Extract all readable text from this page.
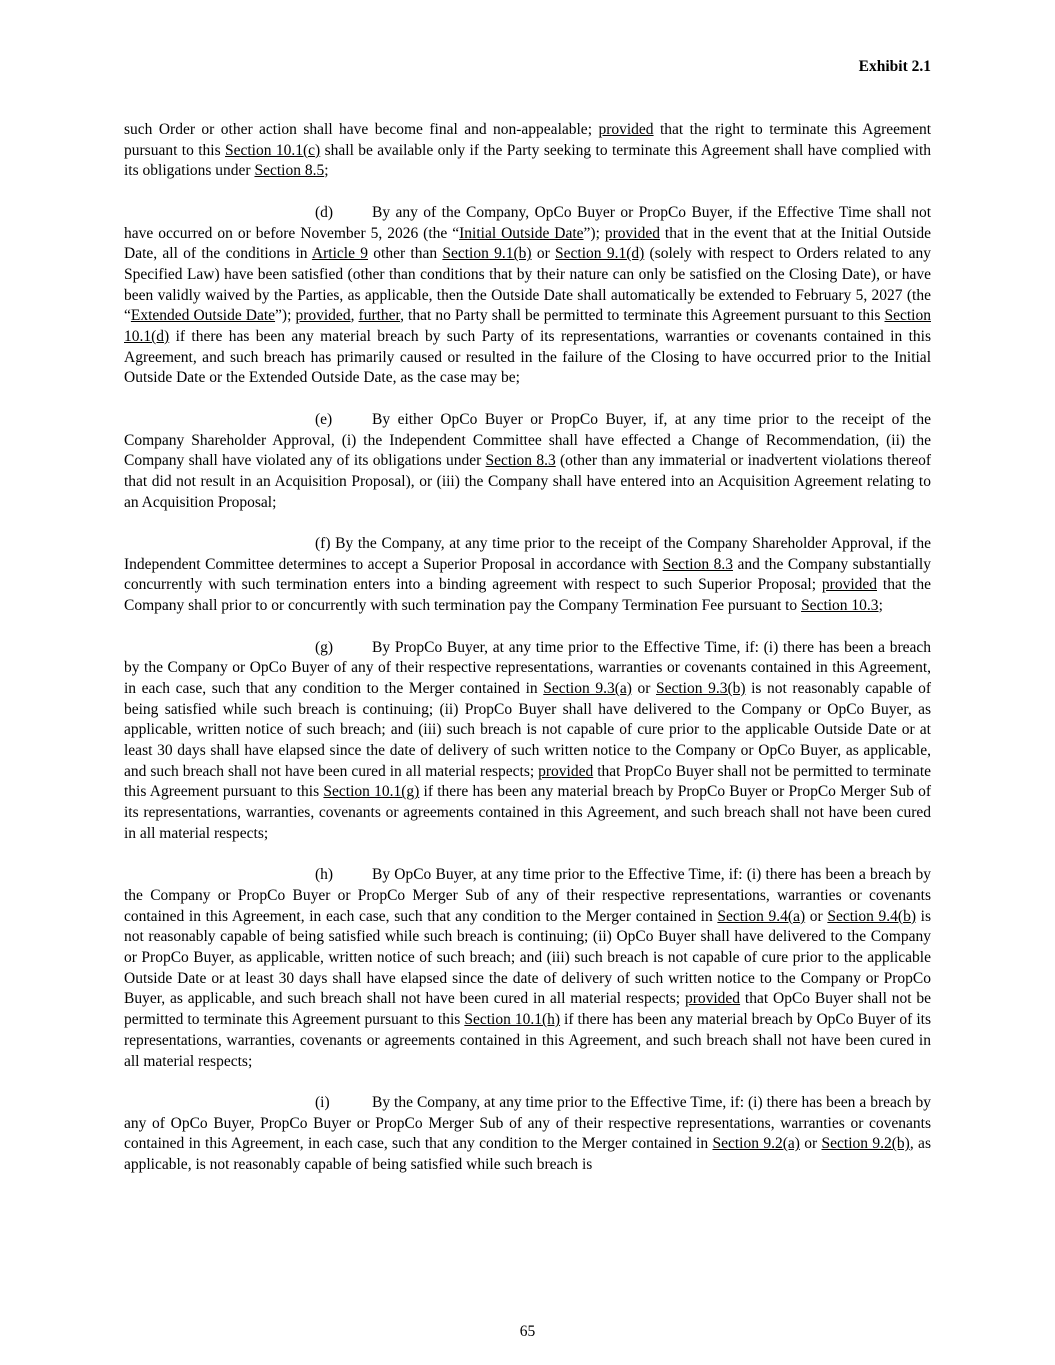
Exhibit 2.1

such Order or other action shall have become final and non-appealable; provided that the right to terminate this Agreement pursuant to this Section 10.1(c) shall be available only if the Party seeking to terminate this Agreement shall have complied with its obligations under Section 8.5;

(d)	By any of the Company, OpCo Buyer or PropCo Buyer, if the Effective Time shall not have occurred on or before November 5, 2026 (the “Initial Outside Date”); provided that in the event that at the Initial Outside Date, all of the conditions in Article 9 other than Section 9.1(b) or Section 9.1(d) (solely with respect to Orders related to any Specified Law) have been satisfied (other than conditions that by their nature can only be satisfied on the Closing Date), or have been validly waived by the Parties, as applicable, then the Outside Date shall automatically be extended to February 5, 2027 (the “Extended Outside Date”); provided, further, that no Party shall be permitted to terminate this Agreement pursuant to this Section 10.1(d) if there has been any material breach by such Party of its representations, warranties or covenants contained in this Agreement, and such breach has primarily caused or resulted in the failure of the Closing to have occurred prior to the Initial Outside Date or the Extended Outside Date, as the case may be;

(e)	By either OpCo Buyer or PropCo Buyer, if, at any time prior to the receipt of the Company Shareholder Approval, (i) the Independent Committee shall have effected a Change of Recommendation, (ii) the Company shall have violated any of its obligations under Section 8.3 (other than any immaterial or inadvertent violations thereof that did not result in an Acquisition Proposal), or (iii) the Company shall have entered into an Acquisition Agreement relating to an Acquisition Proposal;

(f) By the Company, at any time prior to the receipt of the Company Shareholder Approval, if the Independent Committee determines to accept a Superior Proposal in accordance with Section 8.3 and the Company substantially concurrently with such termination enters into a binding agreement with respect to such Superior Proposal; provided that the Company shall prior to or concurrently with such termination pay the Company Termination Fee pursuant to Section 10.3;

(g)	By PropCo Buyer, at any time prior to the Effective Time, if: (i) there has been a breach by the Company or OpCo Buyer of any of their respective representations, warranties or covenants contained in this Agreement, in each case, such that any condition to the Merger contained in Section 9.3(a) or Section 9.3(b) is not reasonably capable of being satisfied while such breach is continuing; (ii) PropCo Buyer shall have delivered to the Company or OpCo Buyer, as applicable, written notice of such breach; and (iii) such breach is not capable of cure prior to the applicable Outside Date or at least 30 days shall have elapsed since the date of delivery of such written notice to the Company or OpCo Buyer, as applicable, and such breach shall not have been cured in all material respects; provided that PropCo Buyer shall not be permitted to terminate this Agreement pursuant to this Section 10.1(g) if there has been any material breach by PropCo Buyer or PropCo Merger Sub of its representations, warranties, covenants or agreements contained in this Agreement, and such breach shall not have been cured in all material respects;

(h)	By OpCo Buyer, at any time prior to the Effective Time, if: (i) there has been a breach by the Company or PropCo Buyer or PropCo Merger Sub of any of their respective representations, warranties or covenants contained in this Agreement, in each case, such that any condition to the Merger contained in Section 9.4(a) or Section 9.4(b) is not reasonably capable of being satisfied while such breach is continuing; (ii) OpCo Buyer shall have delivered to the Company or PropCo Buyer, as applicable, written notice of such breach; and (iii) such breach is not capable of cure prior to the applicable Outside Date or at least 30 days shall have elapsed since the date of delivery of such written notice to the Company or PropCo Buyer, as applicable, and such breach shall not have been cured in all material respects; provided that OpCo Buyer shall not be permitted to terminate this Agreement pursuant to this Section 10.1(h) if there has been any material breach by OpCo Buyer of its representations, warranties, covenants or agreements contained in this Agreement, and such breach shall not have been cured in all material respects;

(i)	By the Company, at any time prior to the Effective Time, if: (i) there has been a breach by any of OpCo Buyer, PropCo Buyer or PropCo Merger Sub of any of their respective representations, warranties or covenants contained in this Agreement, in each case, such that any condition to the Merger contained in Section 9.2(a) or Section 9.2(b), as applicable, is not reasonably capable of being satisfied while such breach is

65
